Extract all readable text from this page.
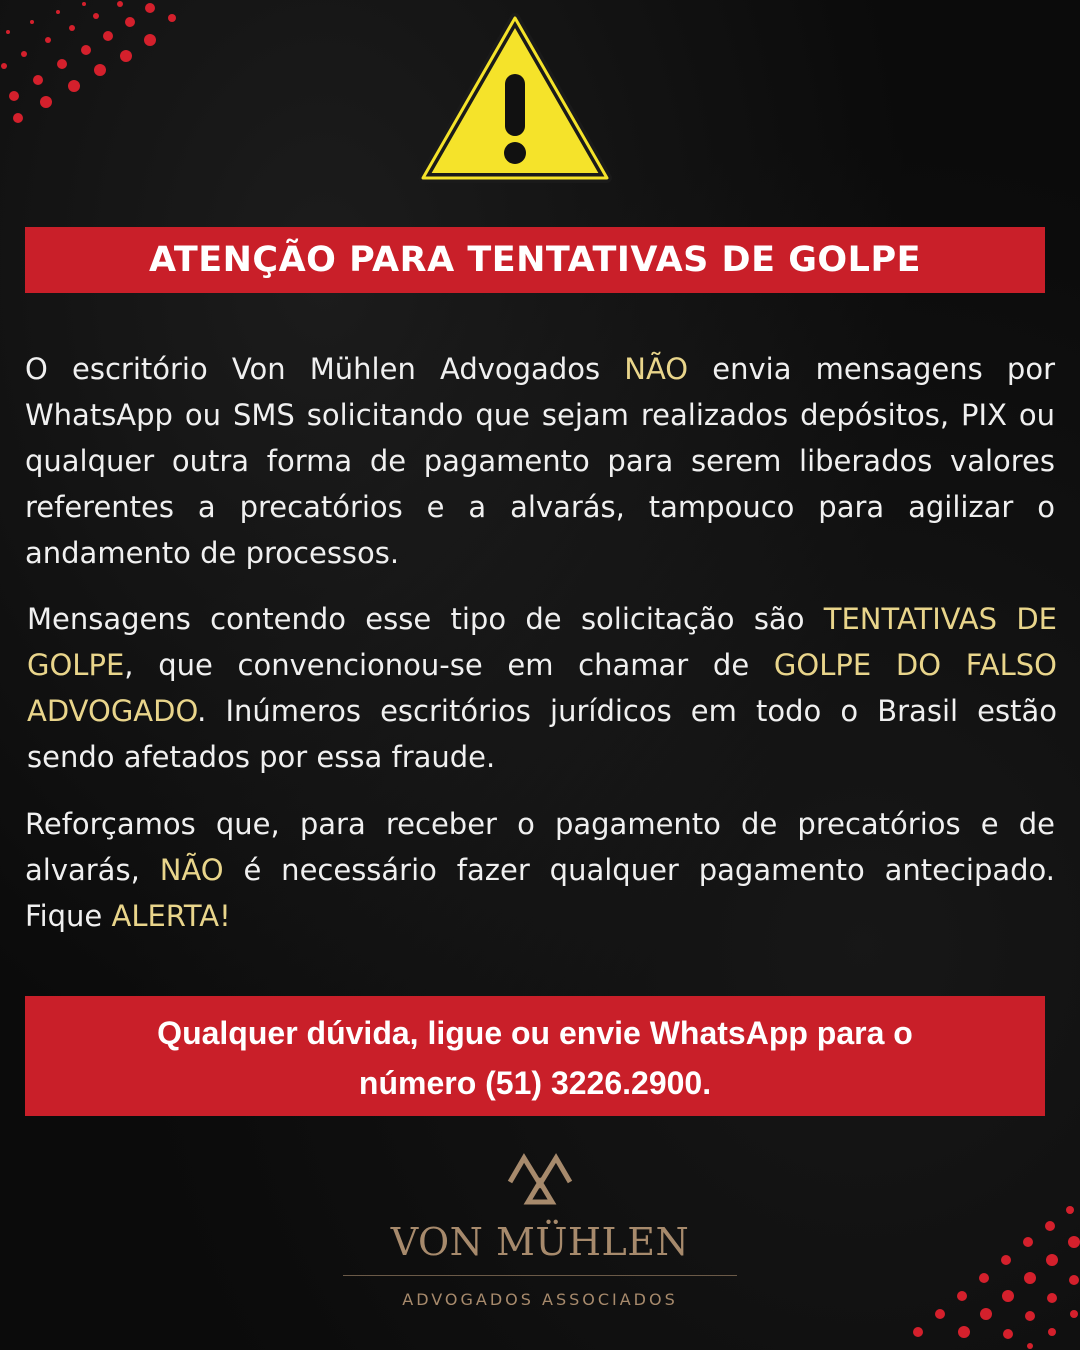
ATENÇÃO PARA TENTATIVAS DE GOLPE
O escritório Von Mühlen Advogados NÃO envia mensagens por WhatsApp ou SMS solicitando que sejam realizados depósitos, PIX ou qualquer outra forma de pagamento para serem liberados valores referentes a precatórios e a alvarás, tampouco para agilizar o andamento de processos.
Mensagens contendo esse tipo de solicitação são TENTATIVAS DE GOLPE, que convencionou-se em chamar de GOLPE DO FALSO ADVOGADO. Inúmeros escritórios jurídicos em todo o Brasil estão sendo afetados por essa fraude.
Reforçamos que, para receber o pagamento de precatórios e de alvarás, NÃO é necessário fazer qualquer pagamento antecipado. Fique ALERTA!
Qualquer dúvida, ligue ou envie WhatsApp para o
número (51) 3226.2900.
VON MÜHLEN
ADVOGADOS ASSOCIADOS
